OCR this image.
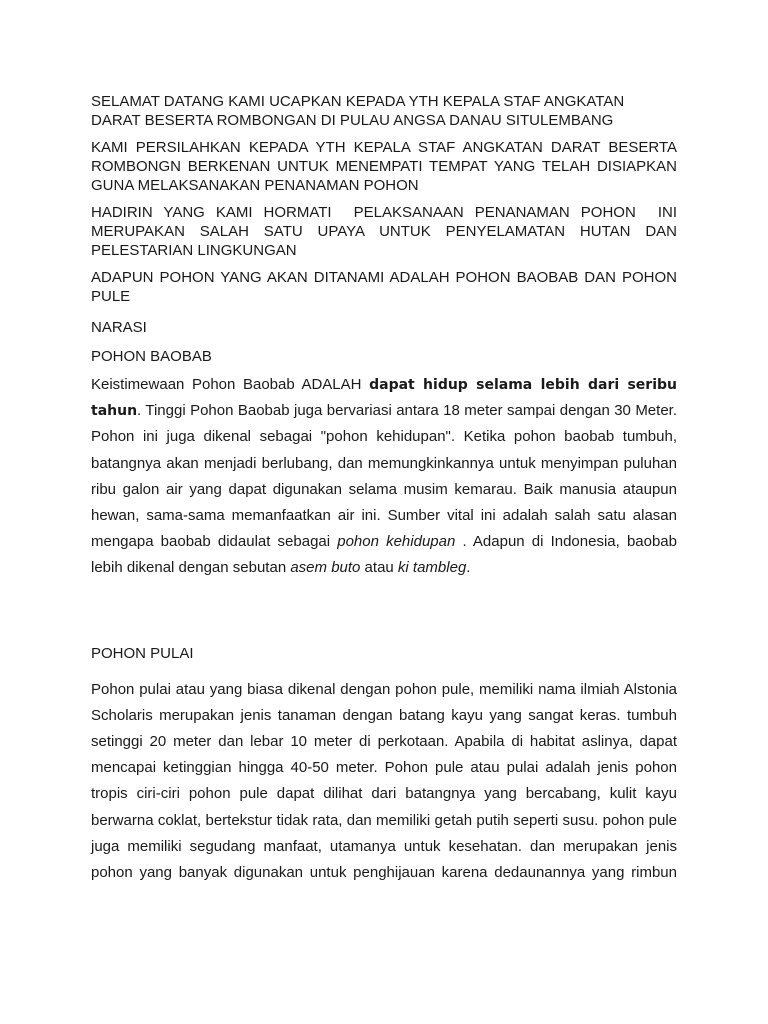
SELAMAT DATANG KAMI UCAPKAN KEPADA YTH KEPALA STAF ANGKATAN
DARAT BESERTA ROMBONGAN DI PULAU ANGSA DANAU SITULEMBANG

KAMI PERSILAHKAN KEPADA YTH KEPALA STAF ANGKATAN DARAT BESERTA
ROMBONGN BERKENAN UNTUK MENEMPATI TEMPAT YANG TELAH DISIAPKAN
GUNA MELAKSANAKAN PENANAMAN POHON

HADIRIN YANG KAMI HORMATI  PELAKSANAAN PENANAMAN POHON  INI
MERUPAKAN SALAH SATU UPAYA UNTUK PENYELAMATAN HUTAN DAN
PELESTARIAN LINGKUNGAN

ADAPUN POHON YANG AKAN DITANAMI ADALAH POHON BAOBAB DAN POHON
PULE

NARASI

POHON BAOBAB

Keistimewaan Pohon Baobab ADALAH dapat hidup selama lebih dari seribu tahun. Tinggi Pohon Baobab juga bervariasi antara 18 meter sampai dengan 30 Meter. Pohon ini juga dikenal sebagai "pohon kehidupan". Ketika pohon baobab tumbuh, batangnya akan menjadi berlubang, dan memungkinkannya untuk menyimpan puluhan ribu galon air yang dapat digunakan selama musim kemarau. Baik manusia ataupun hewan, sama-sama memanfaatkan air ini. Sumber vital ini adalah salah satu alasan mengapa baobab didaulat sebagai pohon kehidupan . Adapun di Indonesia, baobab lebih dikenal dengan sebutan asem buto atau ki tambleg.

POHON PULAI

Pohon pulai atau yang biasa dikenal dengan pohon pule, memiliki nama ilmiah Alstonia Scholaris merupakan jenis tanaman dengan batang kayu yang sangat keras. tumbuh setinggi 20 meter dan lebar 10 meter di perkotaan. Apabila di habitat aslinya, dapat mencapai ketinggian hingga 40-50 meter. Pohon pule atau pulai adalah jenis pohon tropis ciri-ciri pohon pule dapat dilihat dari batangnya yang bercabang, kulit kayu berwarna coklat, bertekstur tidak rata, dan memiliki getah putih seperti susu. pohon pule juga memiliki segudang manfaat, utamanya untuk kesehatan. dan merupakan jenis pohon yang banyak digunakan untuk penghijauan karena dedaunannya yang rimbun
